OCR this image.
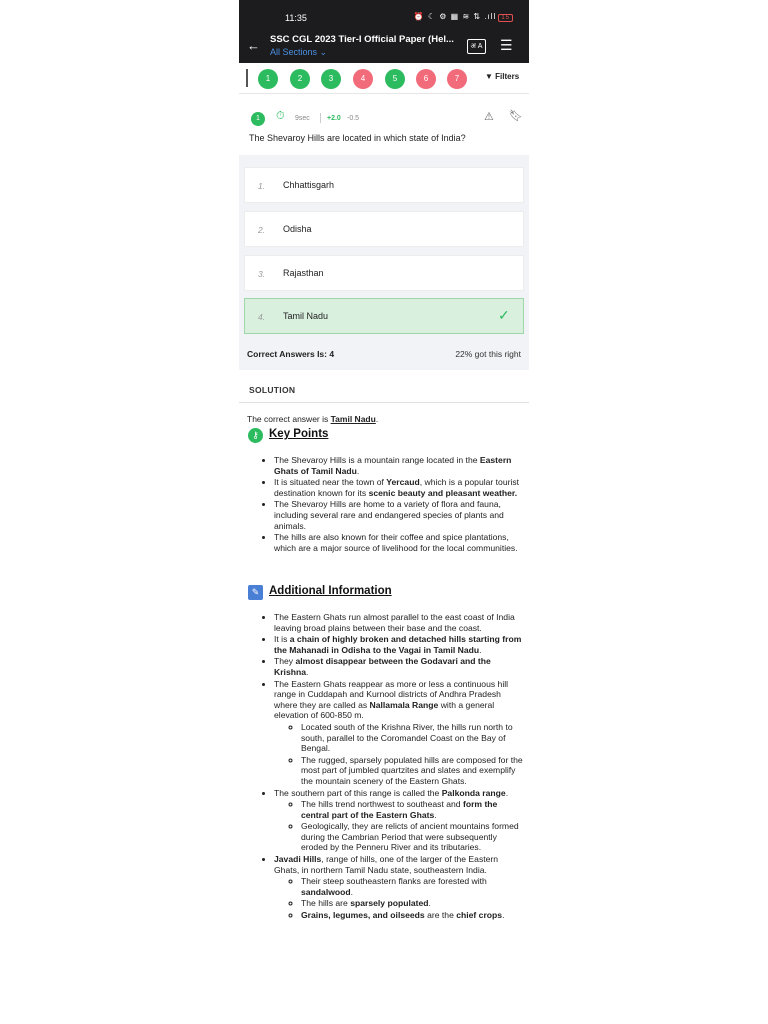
11:35	⏰ ☾ ⚙ ▦ ≋ ⇅ .ıll 15
← SSC CGL 2023 Tier-I Official Paper (Hel...
All Sections ⌄
अ A ☰
1	2	3	4	5	6	7	▼ Filters
1	⏱ 9sec +2.0 -0.5	⚠ 🔖︎
The Shevaroy Hills are located in which state of India?
1. Chhattisgarh
2. Odisha
3. Rajasthan
4. Tamil Nadu	✓
Correct Answers Is: 4	22% got this right
SOLUTION
The correct answer is Tamil Nadu.
⚷ Key Points
• The Shevaroy Hills is a mountain range located in the Eastern Ghats of Tamil Nadu.
• It is situated near the town of Yercaud, which is a popular tourist destination known for its scenic beauty and pleasant weather.
• The Shevaroy Hills are home to a variety of flora and fauna, including several rare and endangered species of plants and animals.
• The hills are also known for their coffee and spice plantations, which are a major source of livelihood for the local communities.
✎ Additional Information
• The Eastern Ghats run almost parallel to the east coast of India leaving broad plains between their base and the coast.
• It is a chain of highly broken and detached hills starting from the Mahanadi in Odisha to the Vagai in Tamil Nadu.
• They almost disappear between the Godavari and the Krishna.
• The Eastern Ghats reappear as more or less a continuous hill range in Cuddapah and Kurnool districts of Andhra Pradesh where they are called as Nallamala Range with a general elevation of 600-850 m.
◦ Located south of the Krishna River, the hills run north to south, parallel to the Coromandel Coast on the Bay of Bengal.
◦ The rugged, sparsely populated hills are composed for the most part of jumbled quartzites and slates and exemplify the mountain scenery of the Eastern Ghats.
• The southern part of this range is called the Palkonda range.
◦ The hills trend northwest to southeast and form the central part of the Eastern Ghats.
◦ Geologically, they are relicts of ancient mountains formed during the Cambrian Period that were subsequently eroded by the Penneru River and its tributaries.
• Javadi Hills, range of hills, one of the larger of the Eastern Ghats, in northern Tamil Nadu state, southeastern India.
◦ Their steep southeastern flanks are forested with sandalwood.
◦ The hills are sparsely populated.
◦ Grains, legumes, and oilseeds are the chief crops.
